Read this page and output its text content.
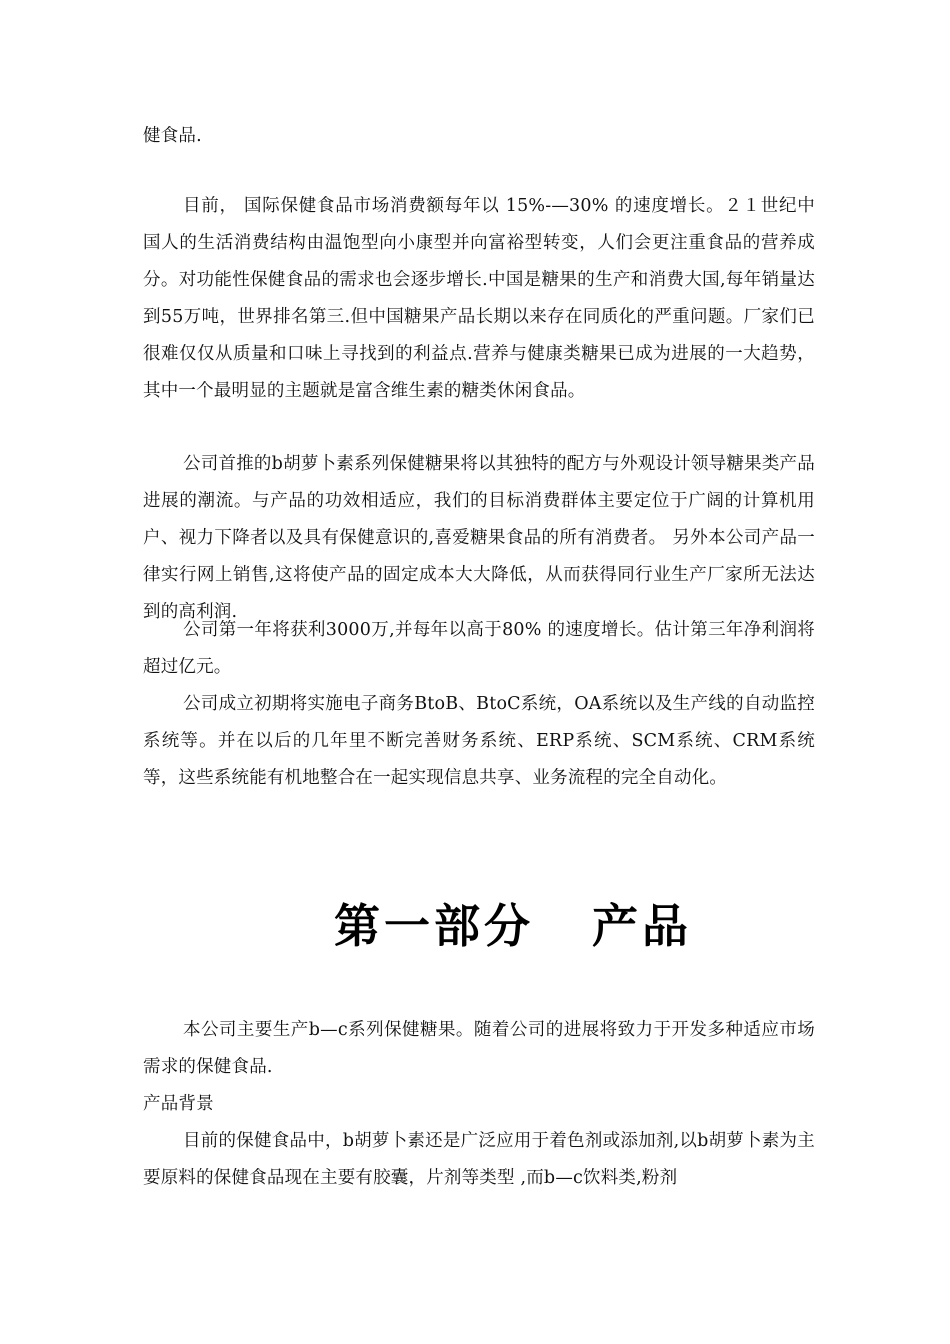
健食品.

目前， 国际保健食品市场消费额每年以 15%-—30% 的速度增长。２１世纪中国人的生活消费结构由温饱型向小康型并向富裕型转变，人们会更注重食品的营养成分。对功能性保健食品的需求也会逐步增长.中国是糖果的生产和消费大国,每年销量达到55万吨，世界排名第三.但中国糖果产品长期以来存在同质化的严重问题。厂家们已很难仅仅从质量和口味上寻找到的利益点.营养与健康类糖果已成为进展的一大趋势，其中一个最明显的主题就是富含维生素的糖类休闲食品。

公司首推的b胡萝卜素系列保健糖果将以其独特的配方与外观设计领导糖果类产品进展的潮流。与产品的功效相适应，我们的目标消费群体主要定位于广阔的计算机用户、视力下降者以及具有保健意识的,喜爱糖果食品的所有消费者。 另外本公司产品一律实行网上销售,这将使产品的固定成本大大降低，从而获得同行业生产厂家所无法达到的高利润.

公司第一年将获利3000万,并每年以高于80% 的速度增长。估计第三年净利润将超过亿元。

公司成立初期将实施电子商务BtoB、BtoC系统，OA系统以及生产线的自动监控系统等。并在以后的几年里不断完善财务系统、ERP系统、SCM系统、CRM系统等，这些系统能有机地整合在一起实现信息共享、业务流程的完全自动化。

第一部分 产品

本公司主要生产b—c系列保健糖果。随着公司的进展将致力于开发多种适应市场需求的保健食品.

产品背景

目前的保健食品中，b胡萝卜素还是广泛应用于着色剂或添加剂,以b胡萝卜素为主要原料的保健食品现在主要有胶囊，片剂等类型 ,而b—c饮料类,粉剂
